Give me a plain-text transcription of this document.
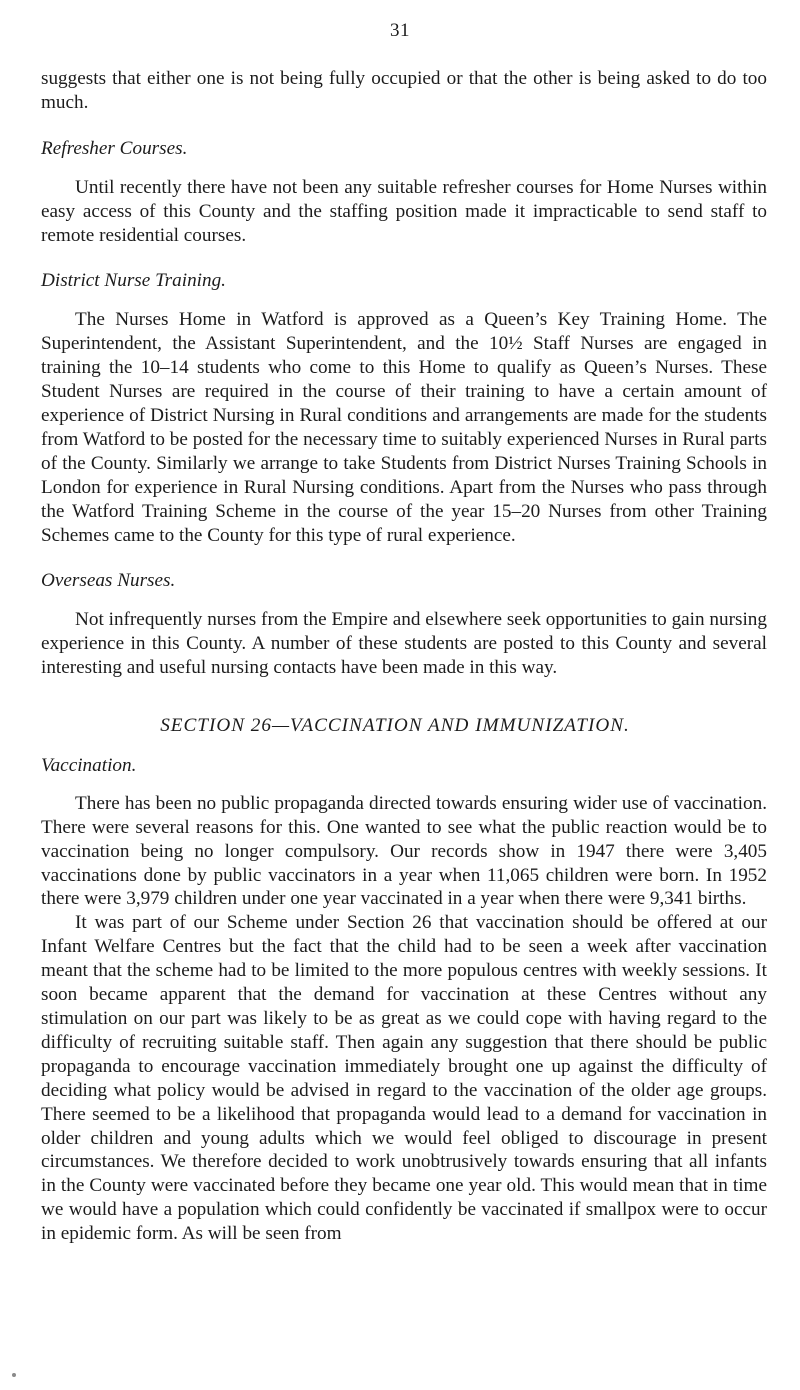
31

suggests that either one is not being fully occupied or that the other is being asked to do too much.

Refresher Courses.

Until recently there have not been any suitable refresher courses for Home Nurses within easy access of this County and the staffing position made it impracticable to send staff to remote residential courses.

District Nurse Training.

The Nurses Home in Watford is approved as a Queen’s Key Training Home. The Superintendent, the Assistant Superintendent, and the 10½ Staff Nurses are engaged in training the 10–14 students who come to this Home to qualify as Queen’s Nurses. These Student Nurses are required in the course of their training to have a certain amount of experience of District Nursing in Rural conditions and arrangements are made for the students from Watford to be posted for the necessary time to suitably experienced Nurses in Rural parts of the County. Similarly we arrange to take Students from District Nurses Training Schools in London for experience in Rural Nursing conditions. Apart from the Nurses who pass through the Watford Training Scheme in the course of the year 15–20 Nurses from other Training Schemes came to the County for this type of rural experience.

Overseas Nurses.

Not infrequently nurses from the Empire and elsewhere seek opportunities to gain nursing experience in this County. A number of these students are posted to this County and several interesting and useful nursing contacts have been made in this way.

SECTION 26—VACCINATION AND IMMUNIZATION.

Vaccination.

There has been no public propaganda directed towards ensuring wider use of vaccination. There were several reasons for this. One wanted to see what the public reaction would be to vaccination being no longer compulsory. Our records show in 1947 there were 3,405 vaccinations done by public vaccinators in a year when 11,065 children were born. In 1952 there were 3,979 children under one year vaccinated in a year when there were 9,341 births.

It was part of our Scheme under Section 26 that vaccination should be offered at our Infant Welfare Centres but the fact that the child had to be seen a week after vaccination meant that the scheme had to be limited to the more populous centres with weekly sessions. It soon became apparent that the demand for vaccination at these Centres without any stimulation on our part was likely to be as great as we could cope with having regard to the difficulty of recruiting suitable staff. Then again any suggestion that there should be public propaganda to encourage vaccination immediately brought one up against the difficulty of deciding what policy would be advised in regard to the vaccination of the older age groups. There seemed to be a likelihood that propaganda would lead to a demand for vaccination in older children and young adults which we would feel obliged to discourage in present circumstances. We therefore decided to work unobtrusively towards ensuring that all infants in the County were vaccinated before they became one year old. This would mean that in time we would have a population which could confidently be vaccinated if smallpox were to occur in epidemic form. As will be seen from
